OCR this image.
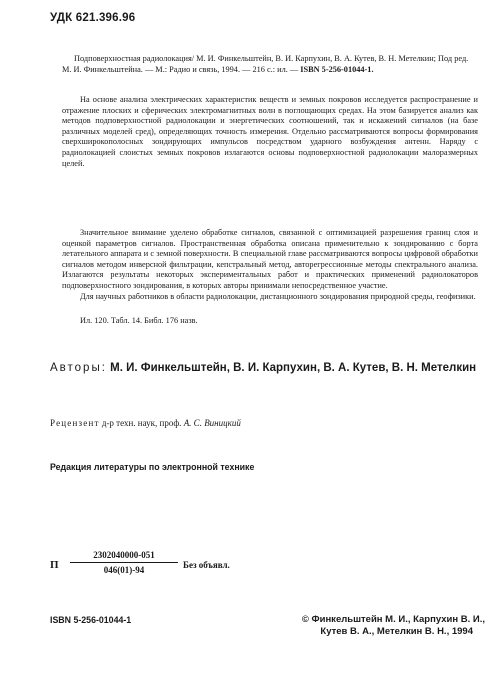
УДК 621.396.96
Подповерхностная радиолокация/ М. И. Финкельштейн, В. И. Карпухин, В. А. Кутев, В. Н. Метелкин; Под ред. М. И. Финкельштейна. — М.: Радио и связь, 1994. — 216 с.: ил. — ISBN 5-256-01044-1.

На основе анализа электрических характеристик веществ и земных покровов исследуется распространение и отражение плоских и сферических электромагнитных волн в поглощающих средах. На этом базируется анализ как методов подповерхностной радиолокации и энергетических соотношений, так и искажений сигналов (на базе различных моделей сред), определяющих точность измерения. Отдельно рассматриваются вопросы формирования сверхширокополосных зондирующих импульсов посредством ударного возбуждения антенн. Наряду с радиолокацией слоистых земных покровов излагаются основы подповерхностной радиолокации малоразмерных целей.

Значительное внимание уделено обработке сигналов, связанной с оптимизацией разрешения границ слоя и оценкой параметров сигналов. Пространственная обработка описана применительно к зондированию с борта летательного аппарата и с земной поверхности. В специальной главе рассматриваются вопросы цифровой обработки сигналов методом инверсной фильтрации, кепстральный метод, авторегрессионные методы спектрального анализа. Излагаются результаты некоторых экспериментальных работ и практических применений радиолокаторов подповерхностного зондирования, в которых авторы принимали непосредственное участие.

Для научных работников в области радиолокации, дистанционного зондирования природной среды, геофизики.

Ил. 120. Табл. 14. Библ. 176 назв.

Авторы: М. И. Финкельштейн, В. И. Карпухин, В. А. Кутев, В. Н. Метелкин
Рецензент д-р техн. наук, проф. А. С. Виницкий
Редакция литературы по электронной технике
П $\frac{2302040000-051}{046(01)-94}$ Без объявл.
ISBN 5-256-01044-1	© Финкельштейн М. И., Карпухин В. И.,
Кутев В. А., Метелкин В. Н., 1994
